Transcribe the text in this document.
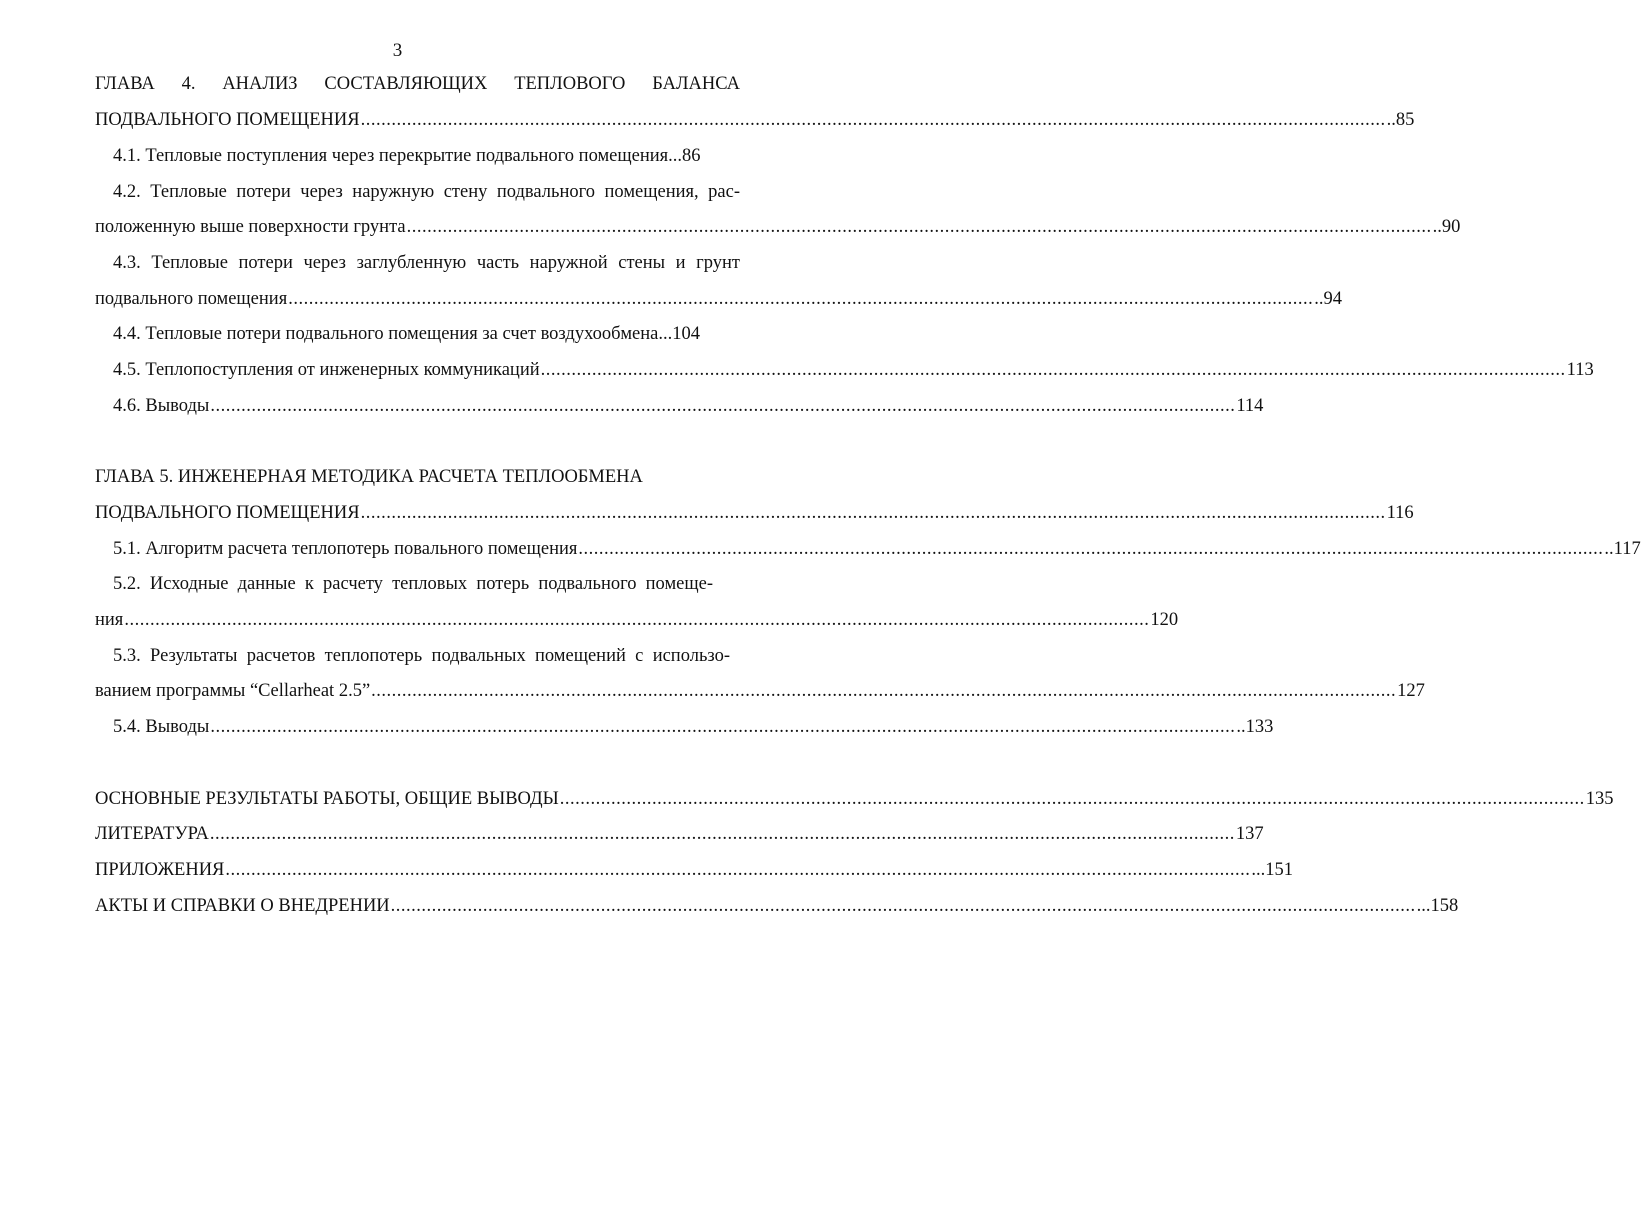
3
ГЛАВА 4. АНАЛИЗ СОСТАВЛЯЮЩИХ ТЕПЛОВОГО БАЛАНСА
ПОДВАЛЬНОГО ПОМЕЩЕНИЯ ........................................................................................................................................................................................................ ..85
4.1. Тепловые поступления через перекрытие подвального помещения...86
4.2. Тепловые потери через наружную стену подвального помещения, рас-
положенную выше поверхности грунта ........................................................................................................................................................................................................ ..90
4.3. Тепловые потери через заглубленную часть наружной стены и грунт
подвального помещения ........................................................................................................................................................................................................ ..94
4.4. Тепловые потери подвального помещения за счет воздухообмена...104
4.5. Теплопоступления от инженерных коммуникаций ........................................................................................................................................................................................................ 113
4.6. Выводы ........................................................................................................................................................................................................ 114
ГЛАВА 5. ИНЖЕНЕРНАЯ МЕТОДИКА РАСЧЕТА ТЕПЛООБМЕНА
ПОДВАЛЬНОГО ПОМЕЩЕНИЯ ........................................................................................................................................................................................................ 116
5.1. Алгоритм расчета теплопотерь повального помещения ........................................................................................................................................................................................................ ..117
5.2. Исходные данные к расчету тепловых потерь подвального помеще-
ния ........................................................................................................................................................................................................ 120
5.3. Результаты расчетов теплопотерь подвальных помещений с использо-
ванием программы “Cellarheat 2.5” ........................................................................................................................................................................................................ 127
5.4. Выводы ........................................................................................................................................................................................................ ..133
ОСНОВНЫЕ РЕЗУЛЬТАТЫ РАБОТЫ, ОБЩИЕ ВЫВОДЫ ........................................................................................................................................................................................................ 135
ЛИТЕРАТУРА ........................................................................................................................................................................................................ 137
ПРИЛОЖЕНИЯ ........................................................................................................................................................................................................ ...151
АКТЫ И СПРАВКИ О ВНЕДРЕНИИ ........................................................................................................................................................................................................ ...158
